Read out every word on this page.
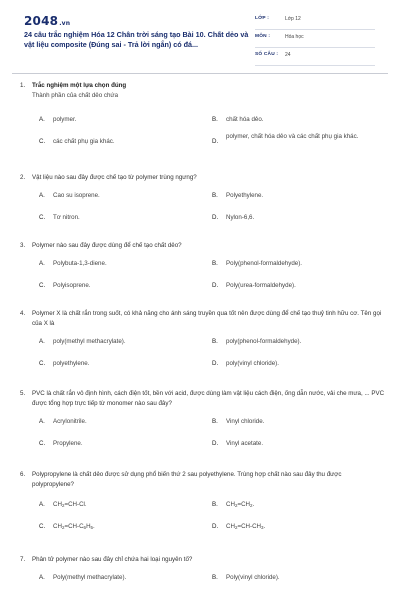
2048.vn
24 câu trắc nghiệm Hóa 12 Chân trời sáng tạo Bài 10. Chất dẻo và vật liệu composite (Đúng sai - Trả lời ngắn) có đá...
LỚP :	Lớp 12
MÔN :	Hóa học
SỐ CÂU : 24
1.	Trắc nghiệm một lựa chọn đúng
Thành phần của chất dẻo chứa
A. polymer.	B. chất hóa dẻo.
C. các chất phụ gia khác.	D.
polymer, chất hóa dẻo và các chất phụ gia khác.
2.	Vật liệu nào sau đây được chế tạo từ polymer trùng ngưng?
A. Cao su isoprene.	B. Polyethylene.
C. Tơ nitron.	D. Nylon-6,6.
3.	Polymer nào sau đây được dùng để chế tạo chất dẻo?
A. Polybuta-1,3-diene.	B. Poly(phenol-formaldehyde).
C. Polyisoprene.	D. Poly(urea-formaldehyde).
4.	Polymer X là chất rắn trong suốt, có khả năng cho ánh sáng truyền qua tốt nên được dùng để chế tạo thuỷ tinh hữu cơ. Tên gọi của X là
A. poly(methyl methacrylate).	B. poly(phenol-formaldehyde).
C. polyethylene.	D. poly(vinyl chloride).
5.	PVC là chất rắn vô định hình, cách điện tốt, bền với acid, được dùng làm vật liệu cách điện, ống dẫn nước, vải che mưa, ... PVC được tổng hợp trực tiếp từ monomer nào sau đây?
A. Acrylonitrile.	B. Vinyl chloride.
C. Propylene.	D. Vinyl acetate.
6.	Polypropylene là chất dẻo được sử dụng phổ biến thứ 2 sau polyethylene. Trùng hợp chất nào sau đây thu được polypropylene?
A. $CH_2=CH-Cl$.	B. $CH_2=CH_2$.
C. $CH_2=CH-C_6H_5$.	D. $CH_2=CH-CH_3$.
7.	Phân tử polymer nào sau đây chỉ chứa hai loại nguyên tố?
A. Poly(methyl methacrylate).	B. Poly(vinyl chloride).
